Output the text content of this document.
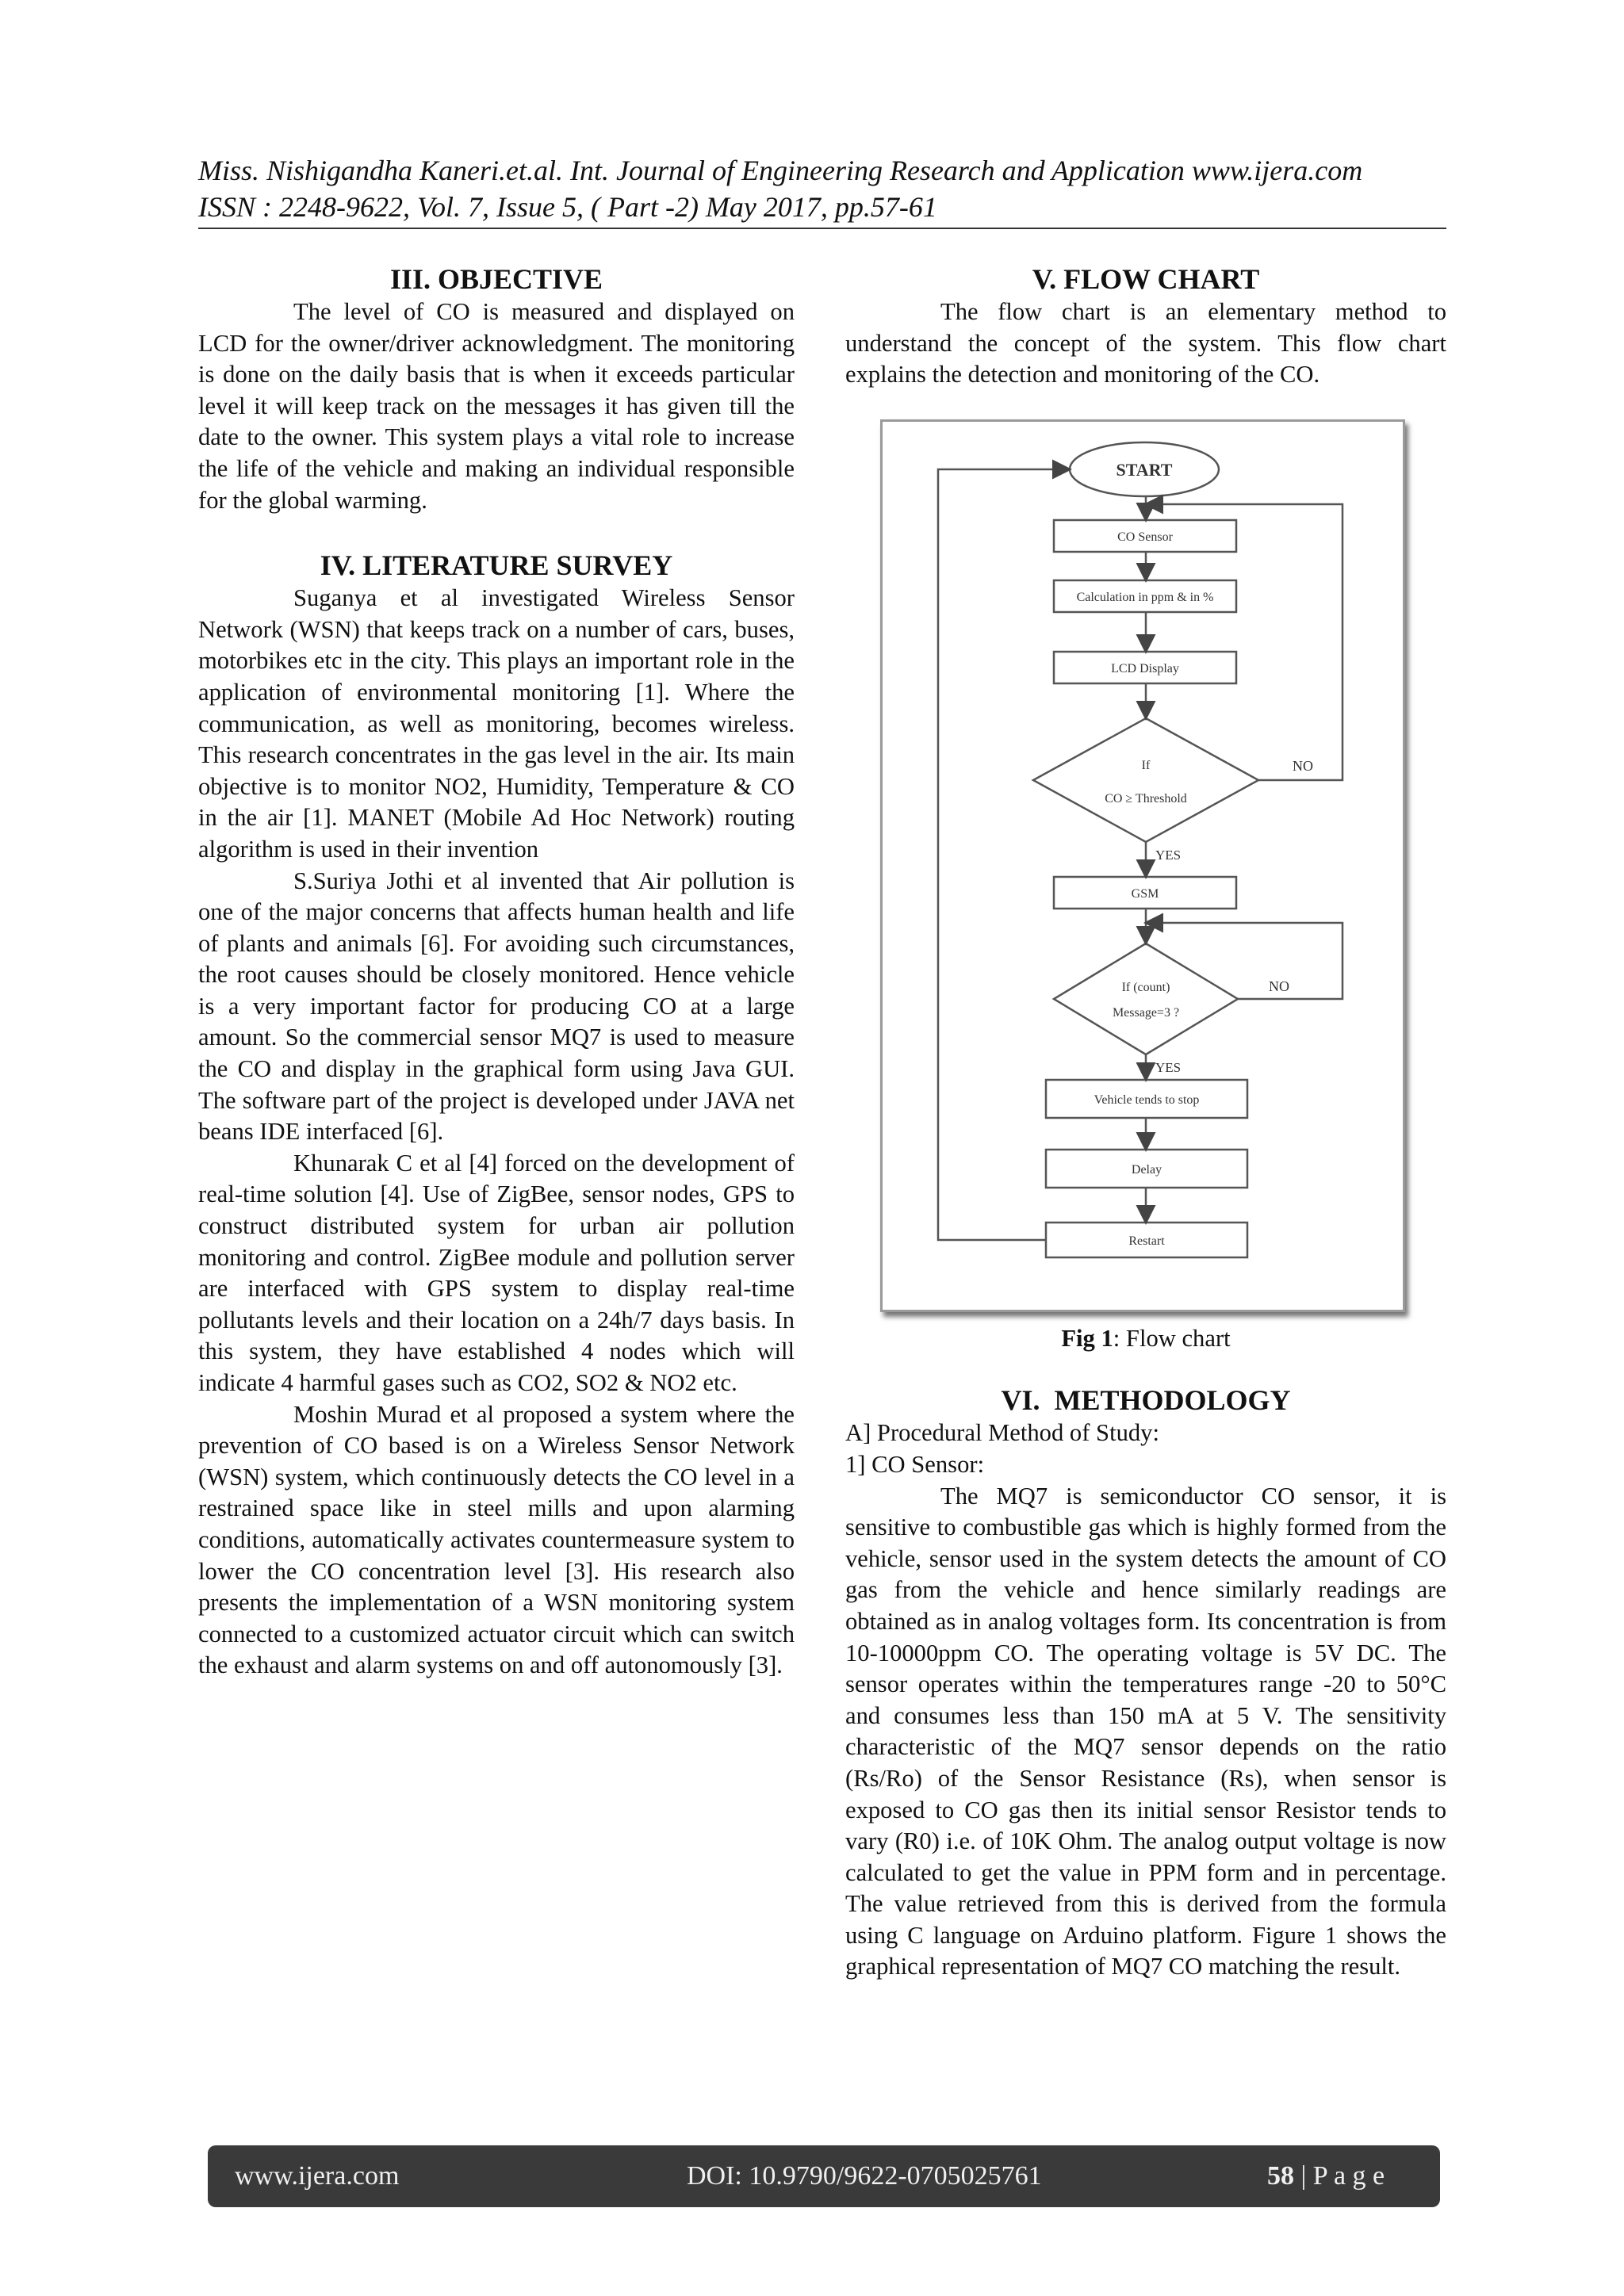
Miss. Nishigandha Kaneri.et.al. Int. Journal of Engineering Research and Application www.ijera.com
ISSN : 2248-9622, Vol. 7, Issue 5, ( Part -2) May 2017, pp.57-61
III. OBJECTIVE

The level of CO is measured and displayed on LCD for the owner/driver acknowledgment. The monitoring is done on the daily basis that is when it exceeds particular level it will keep track on the messages it has given till the date to the owner. This system plays a vital role to increase the life of the vehicle and making an individual responsible for the global warming.

IV. LITERATURE SURVEY

Suganya et al investigated Wireless Sensor Network (WSN) that keeps track on a number of cars, buses, motorbikes etc in the city. This plays an important role in the application of environmental monitoring [1]. Where the communication, as well as monitoring, becomes wireless. This research concentrates in the gas level in the air. Its main objective is to monitor NO2, Humidity, Temperature & CO in the air [1]. MANET (Mobile Ad Hoc Network) routing algorithm is used in their invention

S.Suriya Jothi et al invented that Air pollution is one of the major concerns that affects human health and life of plants and animals [6]. For avoiding such circumstances, the root causes should be closely monitored. Hence vehicle is a very important factor for producing CO at a large amount. So the commercial sensor MQ7 is used to measure the CO and display in the graphical form using Java GUI. The software part of the project is developed under JAVA net beans IDE interfaced [6].

Khunarak C et al [4] forced on the development of real-time solution [4]. Use of ZigBee, sensor nodes, GPS to construct distributed system for urban air pollution monitoring and control. ZigBee module and pollution server are interfaced with GPS system to display real-time pollutants levels and their location on a 24h/7 days basis. In this system, they have established 4 nodes which will indicate 4 harmful gases such as CO2, SO2 & NO2 etc.

Moshin Murad et al proposed a system where the prevention of CO based is on a Wireless Sensor Network (WSN) system, which continuously detects the CO level in a restrained space like in steel mills and upon alarming conditions, automatically activates countermeasure system to lower the CO concentration level [3]. His research also presents the implementation of a WSN monitoring system connected to a customized actuator circuit which can switch the exhaust and alarm systems on and off autonomously [3].

V. FLOW CHART

The flow chart is an elementary method to understand the concept of the system. This flow chart explains the detection and monitoring of the CO.

START
CO Sensor
Calculation in ppm & in %
LCD Display
If
CO ≥ Threshold
NO
YES
GSM
If (count)
Message=3 ?
NO
YES
Vehicle tends to stop
Delay
Restart
Fig 1: Flow chart
VI. METHODOLOGY

A] Procedural Method of Study:

1] CO Sensor:

The MQ7 is semiconductor CO sensor, it is sensitive to combustible gas which is highly formed from the vehicle, sensor used in the system detects the amount of CO gas from the vehicle and hence similarly readings are obtained as in analog voltages form. Its concentration is from 10-10000ppm CO. The operating voltage is 5V DC. The sensor operates within the temperatures range -20 to 50°C and consumes less than 150 mA at 5 V. The sensitivity characteristic of the MQ7 sensor depends on the ratio (Rs/Ro) of the Sensor Resistance (Rs), when sensor is exposed to CO gas then its initial sensor Resistor tends to vary (R0) i.e. of 10K Ohm. The analog output voltage is now calculated to get the value in PPM form and in percentage. The value retrieved from this is derived from the formula using C language on Arduino platform. Figure 1 shows the graphical representation of MQ7 CO matching the result.

www.ijera.com	DOI: 10.9790/9622-0705025761	58 | P a g e
